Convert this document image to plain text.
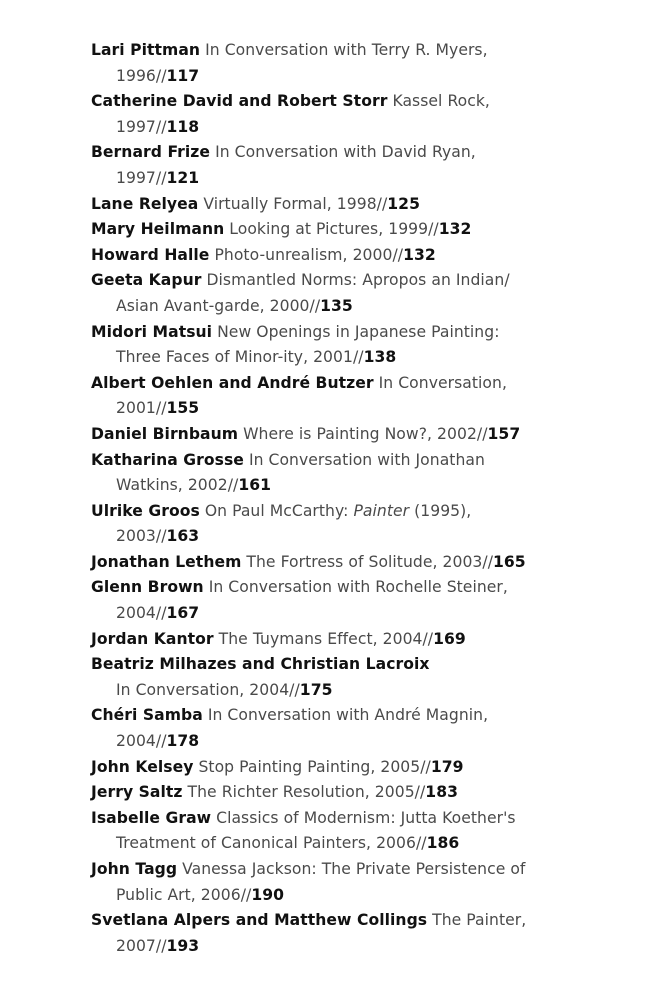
Lari Pittman In Conversation with Terry R. Myers,
1996//117
Catherine David and Robert Storr Kassel Rock,
1997//118
Bernard Frize In Conversation with David Ryan,
1997//121
Lane Relyea Virtually Formal, 1998//125
Mary Heilmann Looking at Pictures, 1999//132
Howard Halle Photo-unrealism, 2000//132
Geeta Kapur Dismantled Norms: Apropos an Indian/
Asian Avant-garde, 2000//135
Midori Matsui New Openings in Japanese Painting:
Three Faces of Minor-ity, 2001//138
Albert Oehlen and André Butzer In Conversation,
2001//155
Daniel Birnbaum Where is Painting Now?, 2002//157
Katharina Grosse In Conversation with Jonathan
Watkins, 2002//161
Ulrike Groos On Paul McCarthy: Painter (1995),
2003//163
Jonathan Lethem The Fortress of Solitude, 2003//165
Glenn Brown In Conversation with Rochelle Steiner,
2004//167
Jordan Kantor The Tuymans Effect, 2004//169
Beatriz Milhazes and Christian Lacroix
In Conversation, 2004//175
Chéri Samba In Conversation with André Magnin,
2004//178
John Kelsey Stop Painting Painting, 2005//179
Jerry Saltz The Richter Resolution, 2005//183
Isabelle Graw Classics of Modernism: Jutta Koether's
Treatment of Canonical Painters, 2006//186
John Tagg Vanessa Jackson: The Private Persistence of
Public Art, 2006//190
Svetlana Alpers and Matthew Collings The Painter,
2007//193
